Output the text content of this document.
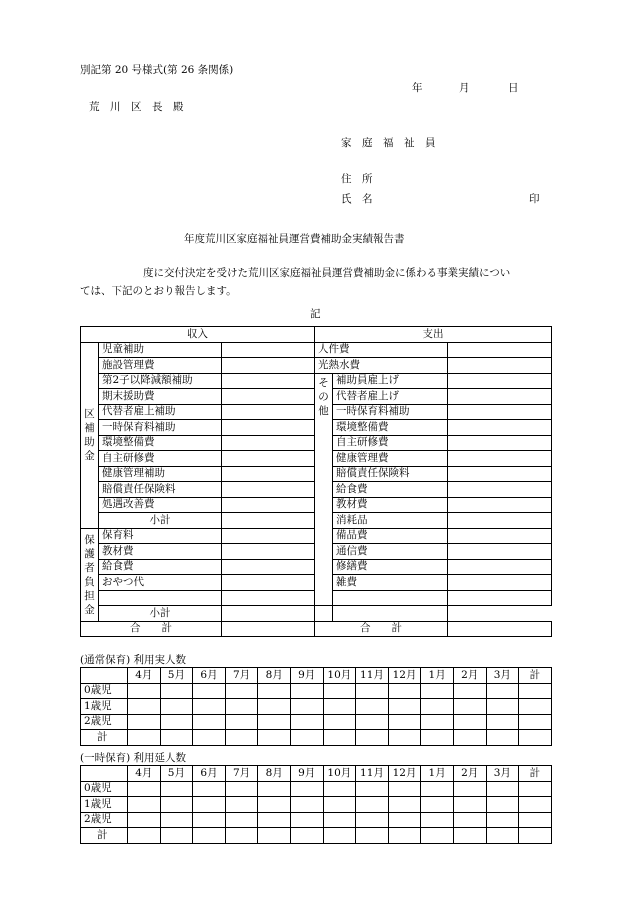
別記第 20 号様式(第 26 条関係)
年	月	日
荒　川　区　長　殿
家　庭　福　祉　員
住　所
氏　名	印
年度荒川区家庭福祉員運営費補助金実績報告書
度に交付決定を受けた荒川区家庭福祉員運営費補助金に係わる事業実績につい
ては、下記のとおり報告します。
記
収入			支出		

区補助金	児童補助		人件費		
	施設管理費		光熱水費		
	第2子以降減額補助		その他	補助員雇上げ	
	期末援助費			代替者雇上げ	
	代替者雇上補助			一時保育料補助	
	一時保育料補助			環境整備費	
	環境整備費			自主研修費	
	自主研修費			健康管理費	
	健康管理補助			賠償責任保険料	
	賠償責任保険料			給食費	
	処遇改善費			教材費	
	小計			消耗品	

保護者負担金	保育料			備品費	
	教材費			通信費	
	給食費			修繕費	
	おやつ代			雑費	

	小計				
合　　計			合　　計		
(通常保育) 利用実人数
	4月	5月	6月	7月	8月	9月	10月	11月	12月	1月	2月	3月	計
0歳児													
1歳児													
2歳児													
計													
(一時保育) 利用延人数
	4月	5月	6月	7月	8月	9月	10月	11月	12月	1月	2月	3月	計
0歳児													
1歳児													
2歳児													
計													
